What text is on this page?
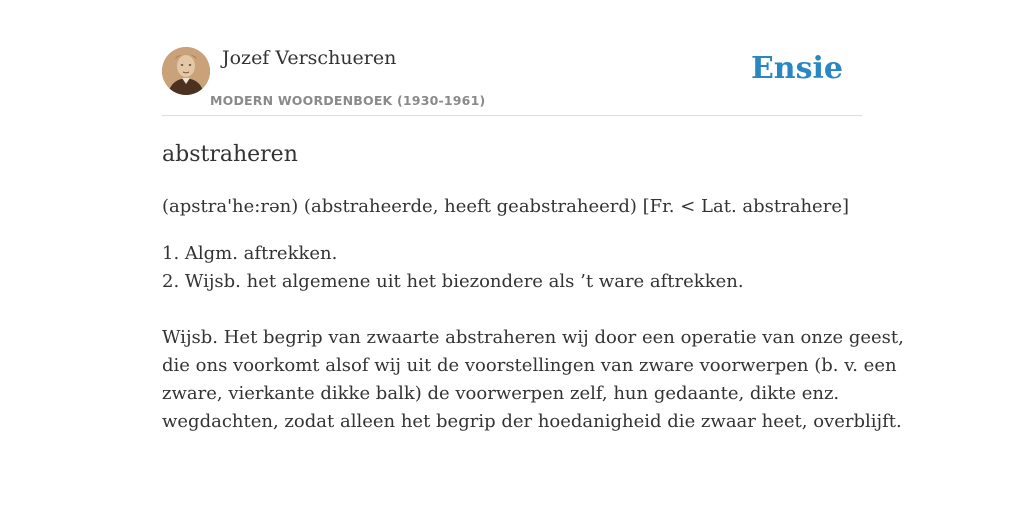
Jozef Verschueren
MODERN WOORDENBOEK (1930-1961)
Ensie
abstraheren
(apstra'he:rən) (abstraheerde, heeft geabstraheerd) [Fr. < Lat. abstrahere]
1. Algm. aftrekken.
2. Wijsb. het algemene uit het biezondere als ’t ware aftrekken.
Wijsb. Het begrip van zwaarte abstraheren wij door een operatie van onze geest,
die ons voorkomt alsof wij uit de voorstellingen van zware voorwerpen (b. v. een
zware, vierkante dikke balk) de voorwerpen zelf, hun gedaante, dikte enz.
wegdachten, zodat alleen het begrip der hoedanigheid die zwaar heet, overblijft.
